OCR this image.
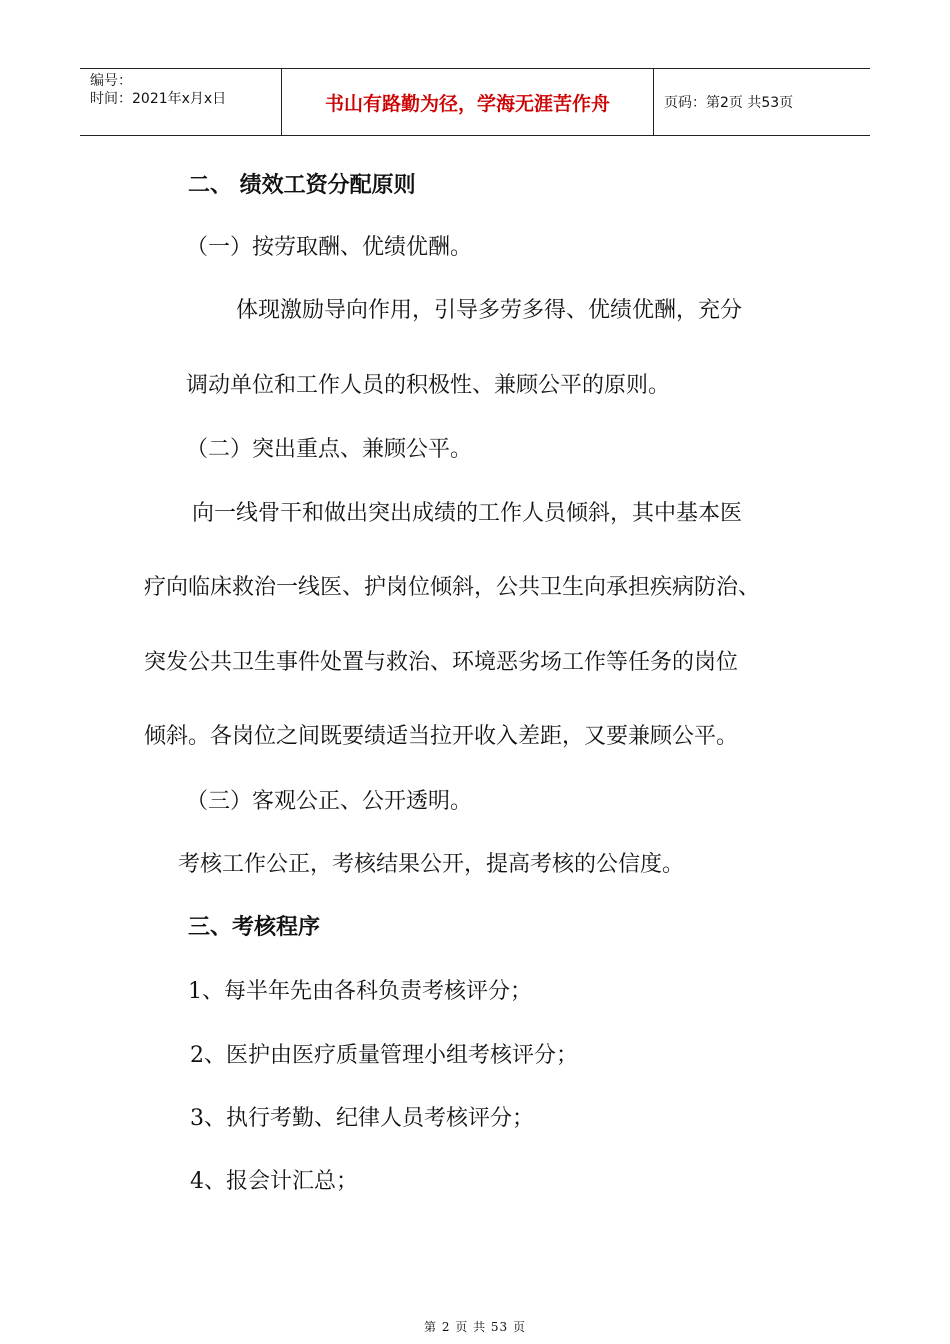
编号：
时间：2021年x月x日	书山有路勤为径，学海无涯苦作舟	页码：第2页 共53页
二、 绩效工资分配原则
（一）按劳取酬、优绩优酬。
体现激励导向作用，引导多劳多得、优绩优酬，充分
调动单位和工作人员的积极性、兼顾公平的原则。
（二）突出重点、兼顾公平。
向一线骨干和做出突出成绩的工作人员倾斜，其中基本医
疗向临床救治一线医、护岗位倾斜，公共卫生向承担疾病防治、
突发公共卫生事件处置与救治、环境恶劣场工作等任务的岗位
倾斜。各岗位之间既要绩适当拉开收入差距，又要兼顾公平。
（三）客观公正、公开透明。
考核工作公正，考核结果公开，提高考核的公信度。
三、考核程序
1、每半年先由各科负责考核评分；
2、医护由医疗质量管理小组考核评分；
3、执行考勤、纪律人员考核评分；
4、报会计汇总；
第 2 页 共 53 页
